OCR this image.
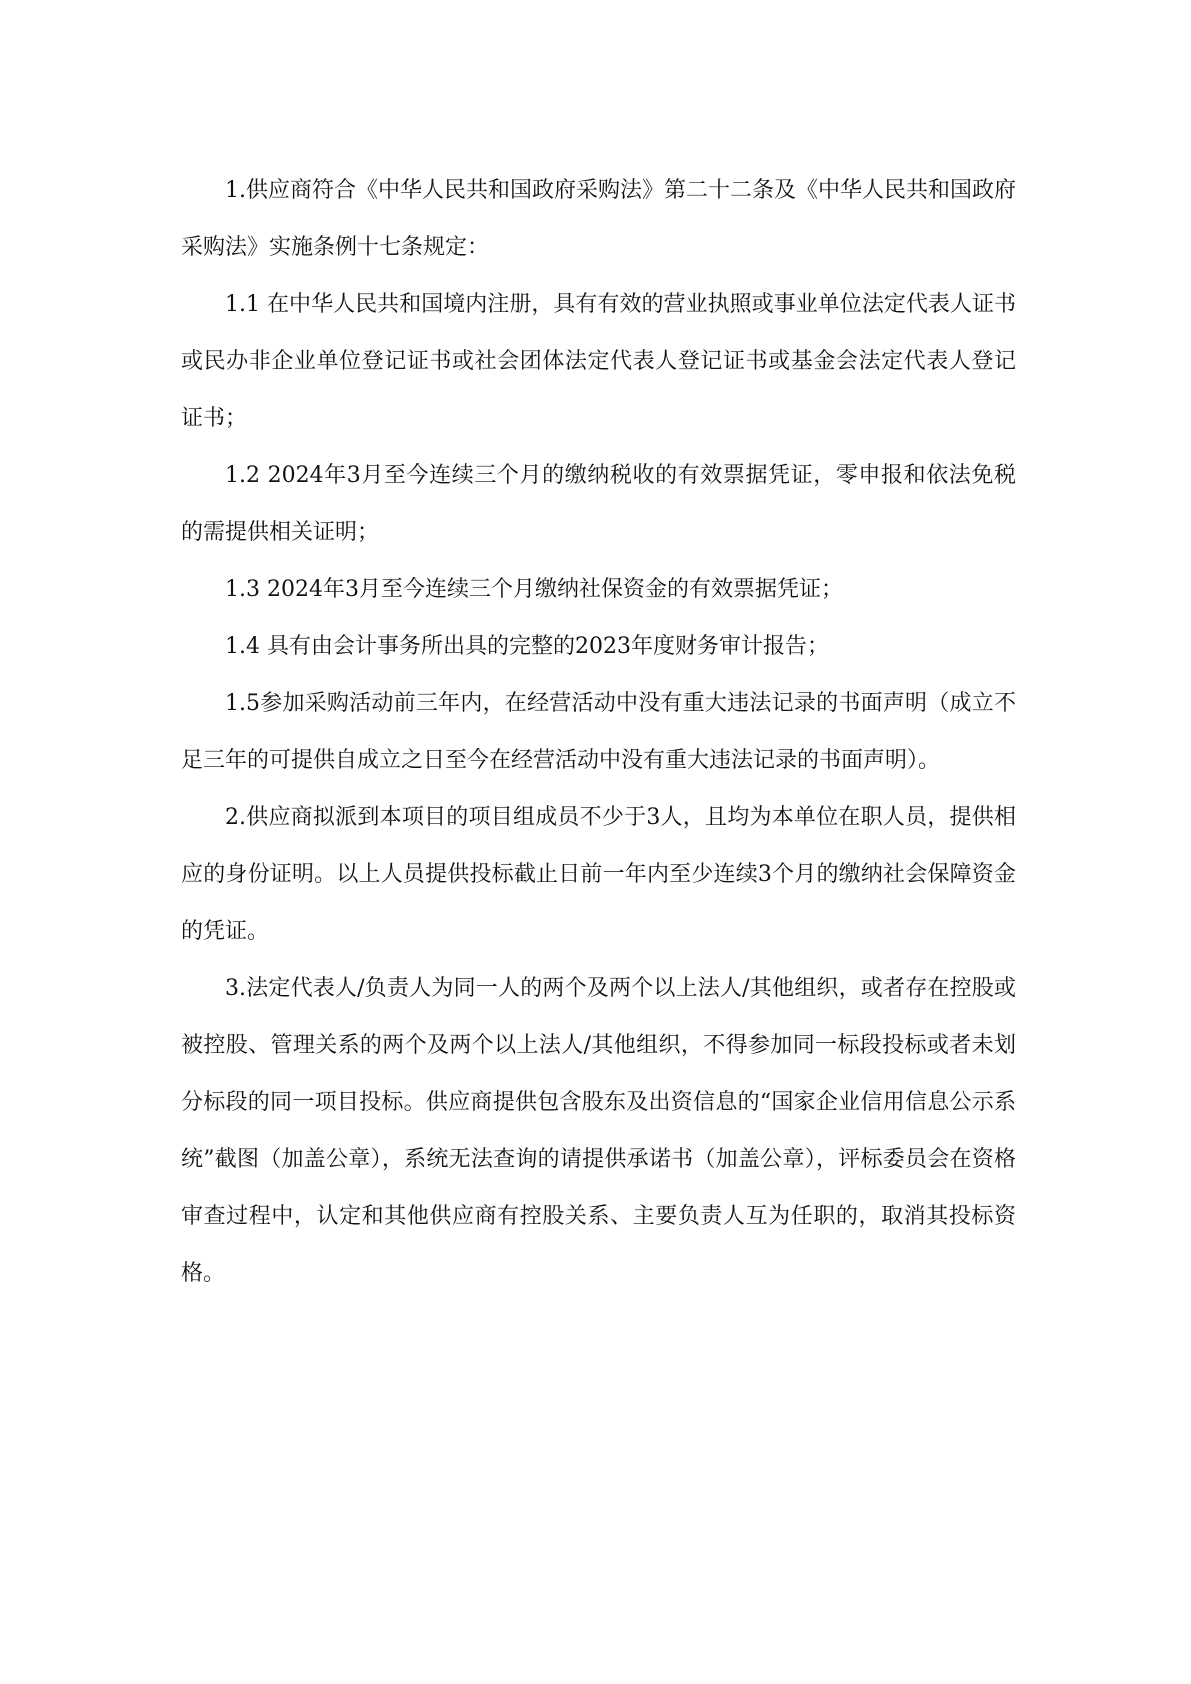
1.供应商符合《中华人民共和国政府采购法》第二十二条及《中华人民共和国政府采购法》实施条例十七条规定：

1.1 在中华人民共和国境内注册，具有有效的营业执照或事业单位法定代表人证书或民办非企业单位登记证书或社会团体法定代表人登记证书或基金会法定代表人登记证书；

1.2 2024年3月至今连续三个月的缴纳税收的有效票据凭证，零申报和依法免税的需提供相关证明；

1.3 2024年3月至今连续三个月缴纳社保资金的有效票据凭证；

1.4 具有由会计事务所出具的完整的2023年度财务审计报告；

1.5参加采购活动前三年内，在经营活动中没有重大违法记录的书面声明（成立不足三年的可提供自成立之日至今在经营活动中没有重大违法记录的书面声明）。

2.供应商拟派到本项目的项目组成员不少于3人，且均为本单位在职人员，提供相应的身份证明。以上人员提供投标截止日前一年内至少连续3个月的缴纳社会保障资金的凭证。

3.法定代表人/负责人为同一人的两个及两个以上法人/其他组织，或者存在控股或被控股、管理关系的两个及两个以上法人/其他组织，不得参加同一标段投标或者未划分标段的同一项目投标。供应商提供包含股东及出资信息的“国家企业信用信息公示系统”截图（加盖公章），系统无法查询的请提供承诺书（加盖公章），评标委员会在资格审查过程中，认定和其他供应商有控股关系、主要负责人互为任职的，取消其投标资格。
